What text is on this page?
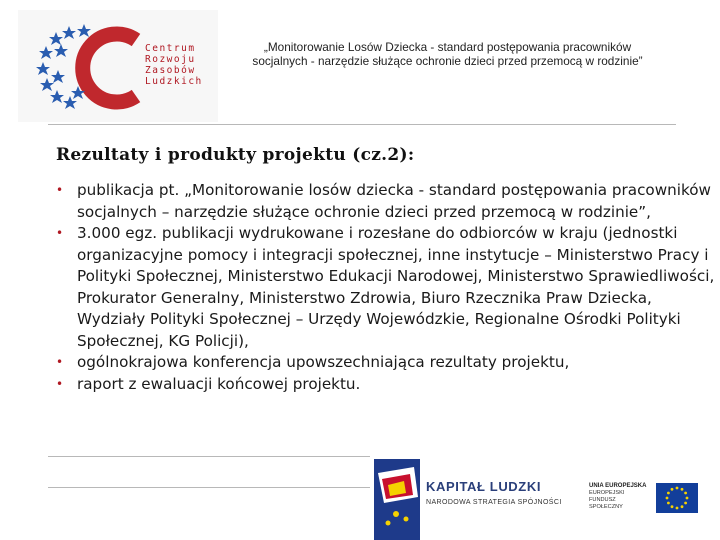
Centrum
Rozwoju
Zasobów
Ludzkich
„Monitorowanie Losów Dziecka - standard postępowania pracowników socjalnych - narzędzie służące ochronie dzieci przed przemocą w rodzinie”
Rezultaty i produkty projektu (cz.2):
• publikacja pt. „Monitorowanie losów dziecka - standard postępowania pracowników socjalnych – narzędzie służące ochronie dzieci przed przemocą w rodzinie”,
• 3.000 egz. publikacji wydrukowane i rozesłane do odbiorców w kraju (jednostki organizacyjne pomocy i integracji społecznej, inne instytucje – Ministerstwo Pracy i Polityki Społecznej, Ministerstwo Edukacji Narodowej, Ministerstwo Sprawiedliwości, Prokurator Generalny, Ministerstwo Zdrowia, Biuro Rzecznika Praw Dziecka, Wydziały Polityki Społecznej – Urzędy Wojewódzkie, Regionalne Ośrodki Polityki Społecznej, KG Policji),
• ogólnokrajowa konferencja upowszechniająca rezultaty projektu,
• raport z ewaluacji końcowej projektu.
KAPITAŁ LUDZKI
NARODOWA STRATEGIA SPÓJNOŚCI
UNIA EUROPEJSKA
EUROPEJSKI
FUNDUSZ SPOŁECZNY
